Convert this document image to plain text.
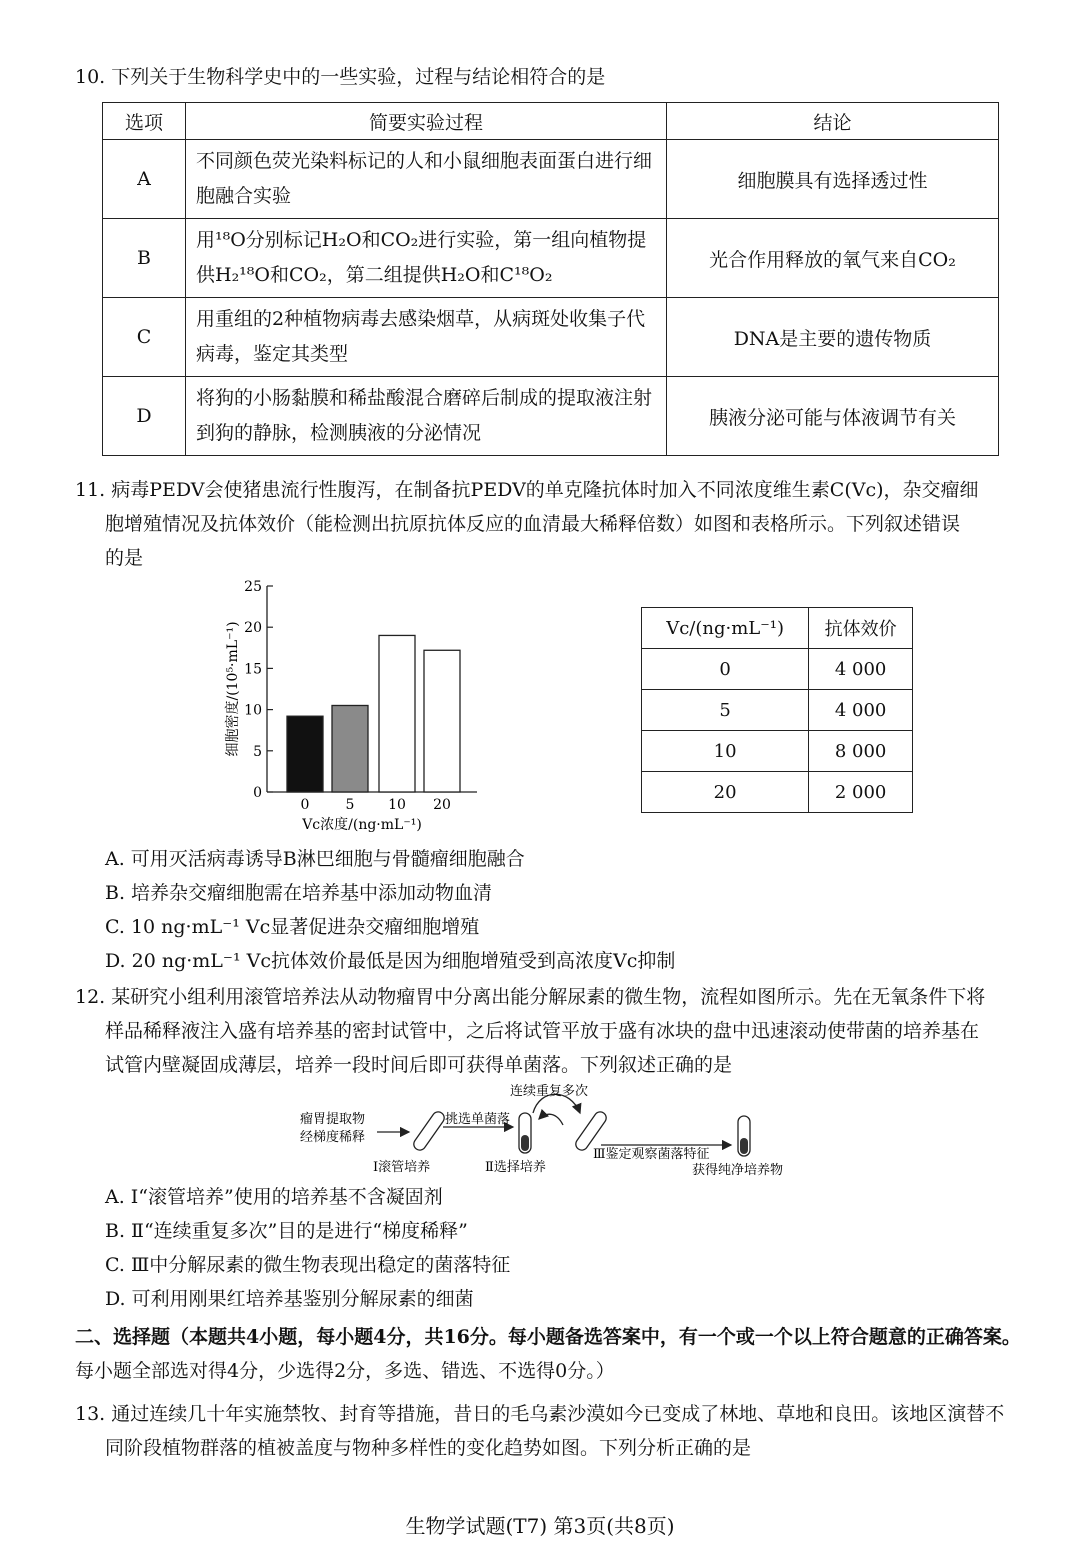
10. 下列关于生物科学史中的一些实验，过程与结论相符合的是
选项	简要实验过程	结论
A	不同颜色荧光染料标记的人和小鼠细胞表面蛋白进行细胞融合实验	细胞膜具有选择透过性
B	用¹⁸O分别标记H₂O和CO₂进行实验，第一组向植物提供H₂¹⁸O和CO₂，第二组提供H₂O和C¹⁸O₂	光合作用释放的氧气来自CO₂
C	用重组的2种植物病毒去感染烟草，从病斑处收集子代病毒，鉴定其类型	DNA是主要的遗传物质
D	将狗的小肠黏膜和稀盐酸混合磨碎后制成的提取液注射到狗的静脉，检测胰液的分泌情况	胰液分泌可能与体液调节有关
11. 病毒PEDV会使猪患流行性腹泻，在制备抗PEDV的单克隆抗体时加入不同浓度维生素C(Vc)，杂交瘤细
胞增殖情况及抗体效价（能检测出抗原抗体反应的血清最大稀释倍数）如图和表格所示。下列叙述错误
的是
0
5
10
15
20
25
0	5 10 20
细胞密度/(10⁵·mL⁻¹)
Vc浓度/(ng·mL⁻¹)
Vc/(ng·mL⁻¹)	抗体效价
0	4 000
5	4 000
10	8 000
20	2 000
A. 可用灭活病毒诱导B淋巴细胞与骨髓瘤细胞融合
B. 培养杂交瘤细胞需在培养基中添加动物血清
C. 10 ng·mL⁻¹ Vc显著促进杂交瘤细胞增殖
D. 20 ng·mL⁻¹ Vc抗体效价最低是因为细胞增殖受到高浓度Vc抑制
12. 某研究小组利用滚管培养法从动物瘤胃中分离出能分解尿素的微生物，流程如图所示。先在无氧条件下将
样品稀释液注入盛有培养基的密封试管中，之后将试管平放于盛有冰块的盘中迅速滚动使带菌的培养基在
试管内壁凝固成薄层，培养一段时间后即可获得单菌落。下列叙述正确的是
瘤胃提取物
经梯度稀释
Ⅰ滚管培养
挑选单菌落
Ⅱ选择培养
连续重复多次
Ⅲ鉴定观察菌落特征
获得纯净培养物
A. Ⅰ“滚管培养”使用的培养基不含凝固剂
B. Ⅱ“连续重复多次”目的是进行“梯度稀释”
C. Ⅲ中分解尿素的微生物表现出稳定的菌落特征
D. 可利用刚果红培养基鉴别分解尿素的细菌
二、选择题（本题共4小题，每小题4分，共16分。每小题备选答案中，有一个或一个以上符合题意的正确答案。
每小题全部选对得4分，少选得2分，多选、错选、不选得0分。）
13. 通过连续几十年实施禁牧、封育等措施，昔日的毛乌素沙漠如今已变成了林地、草地和良田。该地区演替不
同阶段植物群落的植被盖度与物种多样性的变化趋势如图。下列分析正确的是
生物学试题(T7) 第3页(共8页)
